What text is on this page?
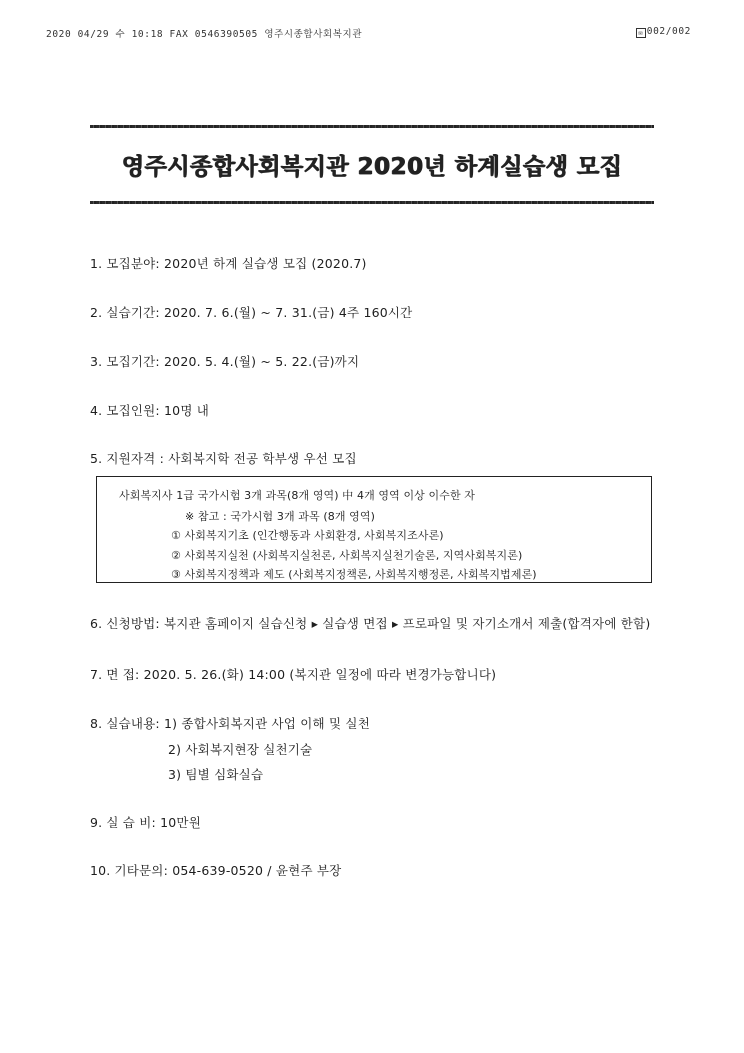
2020 04/29 수 10:18 FAX 0546390505 영주시종합사회복지관	✉ 002/002
영주시종합사회복지관 2020년 하계실습생 모집
1. 모집분야: 2020년 하계 실습생 모집 (2020.7)
2. 실습기간: 2020. 7. 6.(월) ~ 7. 31.(금) 4주 160시간
3. 모집기간: 2020. 5. 4.(월) ~ 5. 22.(금)까지
4. 모집인원: 10명 내
5. 지원자격 : 사회복지학 전공 학부생 우선 모집
사회복지사 1급 국가시험 3개 과목(8개 영역) 中 4개 영역 이상 이수한 자
※ 참고 : 국가시험 3개 과목 (8개 영역)
① 사회복지기초 (인간행동과 사회환경, 사회복지조사론)
② 사회복지실천 (사회복지실천론, 사회복지실천기술론, 지역사회복지론)
③ 사회복지정책과 제도 (사회복지정책론, 사회복지행정론, 사회복지법제론)
6. 신청방법: 복지관 홈페이지 실습신청 ▸ 실습생 면접 ▸ 프로파일 및 자기소개서 제출(합격자에 한함)
7. 면 접: 2020. 5. 26.(화) 14:00 (복지관 일정에 따라 변경가능합니다)
8. 실습내용: 1) 종합사회복지관 사업 이해 및 실천
2) 사회복지현장 실천기술
3) 팀별 심화실습
9. 실 습 비: 10만원
10. 기타문의: 054-639-0520 / 윤현주 부장
